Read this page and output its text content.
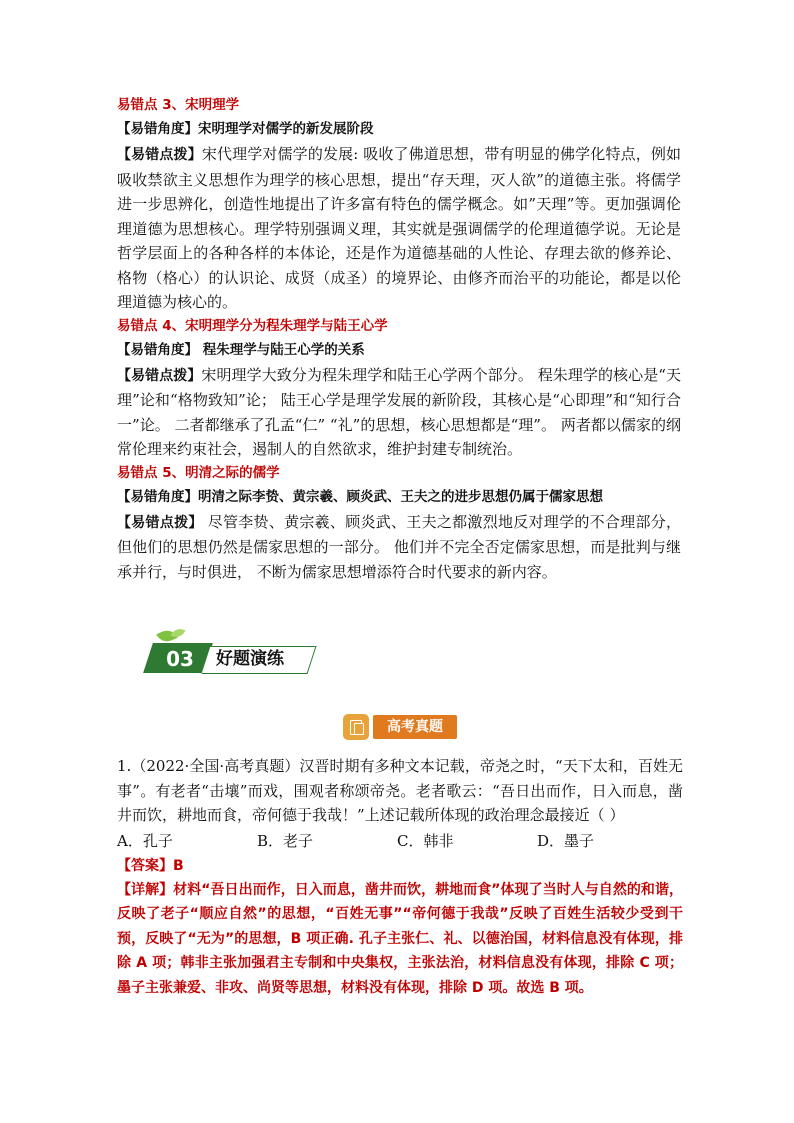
易错点 3、宋明理学

【易错角度】宋明理学对儒学的新发展阶段

【易错点拨】宋代理学对儒学的发展: 吸收了佛道思想，带有明显的佛学化特点，例如吸收禁欲主义思想作为理学的核心思想，提出“存天理，灭人欲”的道德主张。将儒学进一步思辨化，创造性地提出了许多富有特色的儒学概念。如”天理”等。更加强调伦理道德为思想核心。理学特别强调义理，其实就是强调儒学的伦理道德学说。无论是哲学层面上的各种各样的本体论，还是作为道德基础的人性论、存理去欲的修养论、格物（格心）的认识论、成贤（成圣）的境界论、由修齐而治平的功能论，都是以伦理道德为核心的。

易错点 4、宋明理学分为程朱理学与陆王心学

【易错角度】 程朱理学与陆王心学的关系

【易错点拨】宋明理学大致分为程朱理学和陆王心学两个部分。 程朱理学的核心是“天理”论和“格物致知”论； 陆王心学是理学发展的新阶段，其核心是“心即理”和“知行合一”论。 二者都继承了孔孟“仁” “礼”的思想，核心思想都是“理”。 两者都以儒家的纲常伦理来约束社会，遏制人的自然欲求，维护封建专制统治。

易错点 5、明清之际的儒学

【易错角度】明清之际李贽、黄宗羲、顾炎武、王夫之的进步思想仍属于儒家思想

【易错点拨】 尽管李贽、黄宗羲、顾炎武、王夫之都激烈地反对理学的不合理部分，但他们的思想仍然是儒家思想的一部分。 他们并不完全否定儒家思想，而是批判与继承并行，与时俱进， 不断为儒家思想增添符合时代要求的新内容。

03	好题演练
高考真题

1.（2022·全国·高考真题）汉晋时期有多种文本记载，帝尧之时，“天下太和，百姓无事”。有老者“击壤”而戏，围观者称颂帝尧。老者歌云：“吾日出而作，日入而息，凿井而饮，耕地而食，帝何德于我哉！”上述记载所体现的政治理念最接近（ ）

A．孔子	B．老子	C．韩非	D．墨子

【答案】B

【详解】材料“吾日出而作，日入而息，凿井而饮，耕地而食”体现了当时人与自然的和谐，反映了老子“顺应自然”的思想，“百姓无事”“帝何德于我哉”反映了百姓生活较少受到干预，反映了“无为”的思想，B 项正确. 孔子主张仁、礼、以德治国，材料信息没有体现，排除 A 项；韩非主张加强君主专制和中央集权，主张法治，材料信息没有体现，排除 C 项；墨子主张兼爱、非攻、尚贤等思想，材料没有体现，排除 D 项。故选 B 项。
